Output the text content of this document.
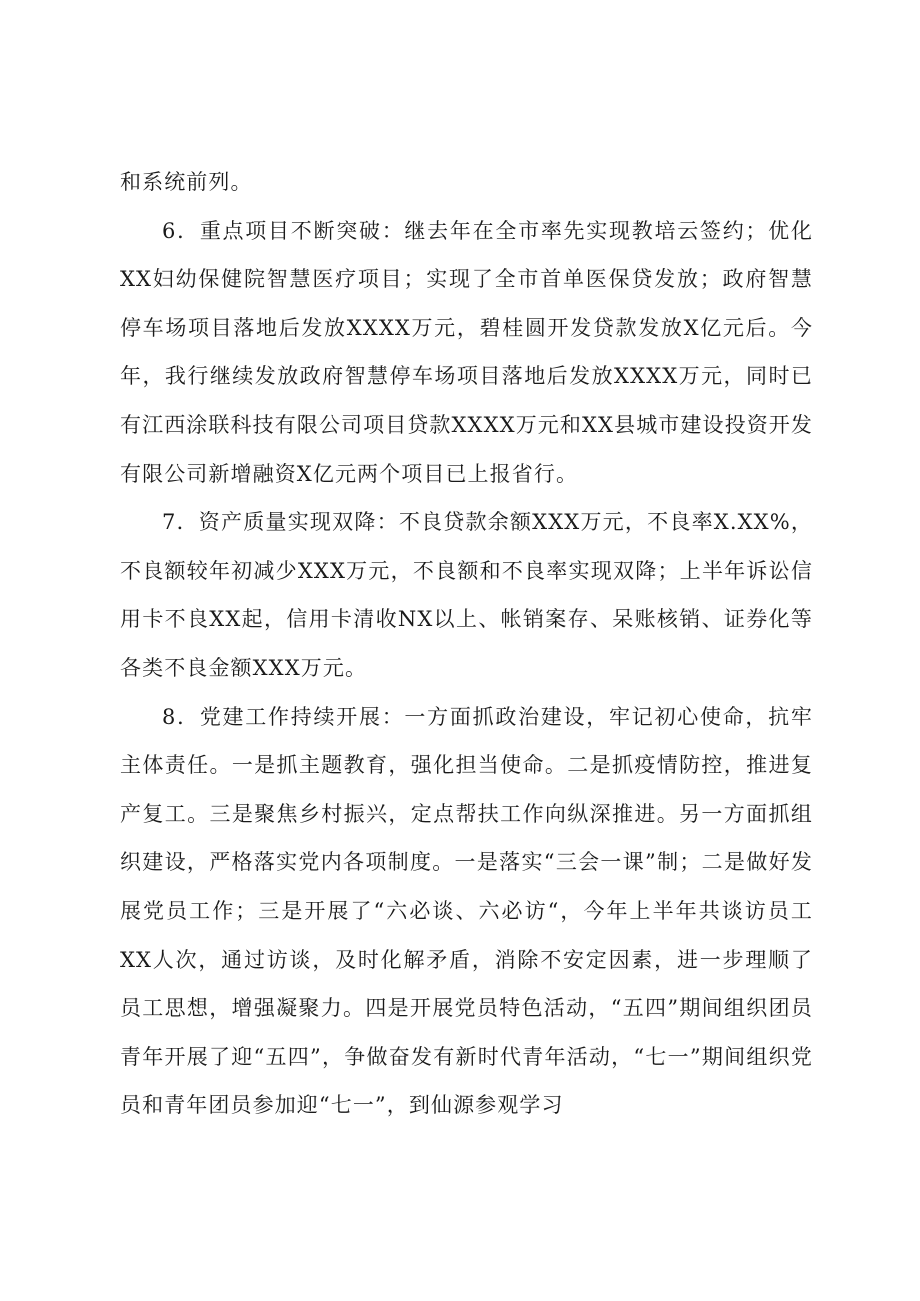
和系统前列。

6．重点项目不断突破：继去年在全市率先实现教培云签约；优化XX妇幼保健院智慧医疗项目；实现了全市首单医保贷发放；政府智慧停车场项目落地后发放XXXX万元，碧桂圆开发贷款发放X亿元后。今年，我行继续发放政府智慧停车场项目落地后发放XXXX万元，同时已有江西涂联科技有限公司项目贷款XXXX万元和XX县城市建设投资开发有限公司新增融资X亿元两个项目已上报省行。

7．资产质量实现双降：不良贷款余额XXX万元，不良率X.XX%，不良额较年初减少XXX万元，不良额和不良率实现双降；上半年诉讼信用卡不良XX起，信用卡清收NX以上、帐销案存、呆账核销、证券化等各类不良金额XXX万元。

8．党建工作持续开展：一方面抓政治建设，牢记初心使命，抗牢主体责任。一是抓主题教育，强化担当使命。二是抓疫情防控，推进复产复工。三是聚焦乡村振兴，定点帮扶工作向纵深推进。另一方面抓组织建设，严格落实党内各项制度。一是落实“三会一课”制；二是做好发展党员工作；三是开展了“六必谈、六必访“，今年上半年共谈访员工XX人次，通过访谈，及时化解矛盾，消除不安定因素，进一步理顺了员工思想，增强凝聚力。四是开展党员特色活动，“五四”期间组织团员青年开展了迎“五四”，争做奋发有新时代青年活动，“七一”期间组织党员和青年团员参加迎“七一”，到仙源参观学习
